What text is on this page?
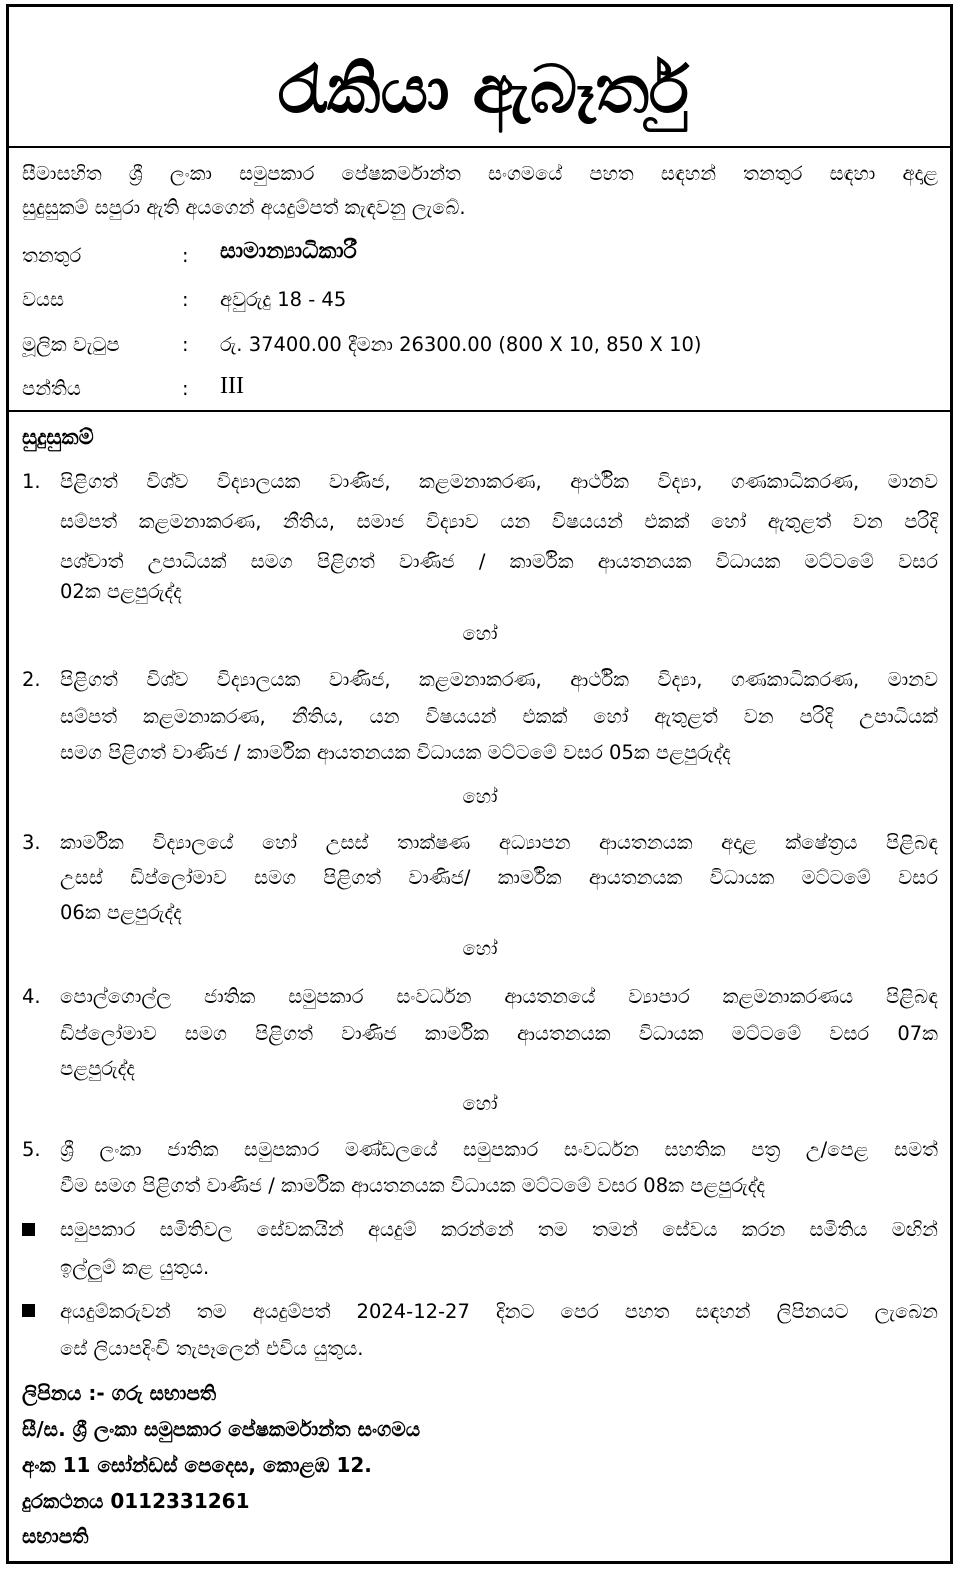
රැකියා ඇබෑර්තු
සීමාසහිත ශ්‍රී ලංකා සමුපකාර පේෂකර්මාන්ත සංගමයේ පහත සඳහන් තනතුර සඳහා අදාළ
සුදුසුකම් සපුරා ඇති අයගෙන් අයදුම්පත් කැඳවනු ලැබේ.
තනතුර	: සාමාන්‍යාධිකාරී
වයස	: අවුරුදු 18 - 45
මූලික වැටුප	: රු. 37400.00 දීමනා 26300.00 (800 X 10, 850 X 10)
පන්තිය	: III
සුදුසුකම්
1. පිළිගත් විශ්ව විද්‍යාලයක වාණිජ, කළමනාකරණ, ආර්ථික විද්‍යා, ගණකාධිකරණ, මානව
සම්පත් කළමනාකරණ, නීතිය, සමාජ විද්‍යාව යන විෂයයන් එකක් හෝ ඇතුළත් වන පරිදි
පශ්චාත් උපාධියක් සමග පිළිගත් වාණිජ / කාර්මික ආයතනයක විධායක මට්ටමේ වසර
02ක පළපුරුද්ද
හෝ
2. පිළිගත් විශ්ව විද්‍යාලයක වාණිජ, කළමනාකරණ, ආර්ථික විද්‍යා, ගණකාධිකරණ, මානව
සම්පත් කළමනාකරණ, නීතිය, යන විෂයයන් එකක් හෝ ඇතුළත් වන පරිදි උපාධියක්
සමග පිළිගත් වාණිජ / කාර්මික ආයතනයක විධායක මට්ටමේ වසර 05ක පළපුරුද්ද
හෝ
3. කාර්මික විද්‍යාලයේ හෝ උසස් තාක්ෂණ අධ්‍යාපන ආයතනයක අදාළ ක්ෂේත්‍රය පිළිබඳ
උසස් ඩිප්ලෝමාව සමග පිළිගත් වාණිජ/ කාර්මික ආයතනයක විධායක මට්ටමේ වසර
06ක පළපුරුද්ද
හෝ
4. පොල්ගොල්ල ජාතික සමුපකාර සංවර්ධන ආයතනයේ ව්‍යාපාර කළමනාකරණය පිළිබඳ
ඩිප්ලෝමාව සමග පිළිගත් වාණිජ කාර්මික ආයතනයක විධායක මට්ටමේ වසර 07ක
පළපුරුද්ද
හෝ
5. ශ්‍රී ලංකා ජාතික සමුපකාර මණ්ඩලයේ සමුපකාර සංවර්ධන සහතික පත්‍ර උ/පෙළ සමත්
වීම සමග පිළිගත් වාණිජ / කාර්මික ආයතනයක විධායක මට්ටමේ වසර 08ක පළපුරුද්ද
සමුපකාර සමිතිවල සේවකයින් අයදුම් කරන්නේ තම තමන් සේවය කරන සමිතිය මඟින්
ඉල්ලුම් කළ යුතුය.
අයදුම්කරුවන් තම අයදුම්පත් 2024-12-27 දිනට පෙර පහත සඳහන් ලිපිනයට ලැබෙන
සේ ලියාපදිංචි තැපෑලෙන් එවිය යුතුය.
ලිපිනය :- ගරු සභාපති
සී/ස. ශ්‍රී ලංකා සමුපකාර පේෂකර්මාන්ත සංගමය
අංක 11 සෝන්ඩස් පෙදෙස, කොළඹ 12.
දුරකථනය 0112331261
සභාපති
